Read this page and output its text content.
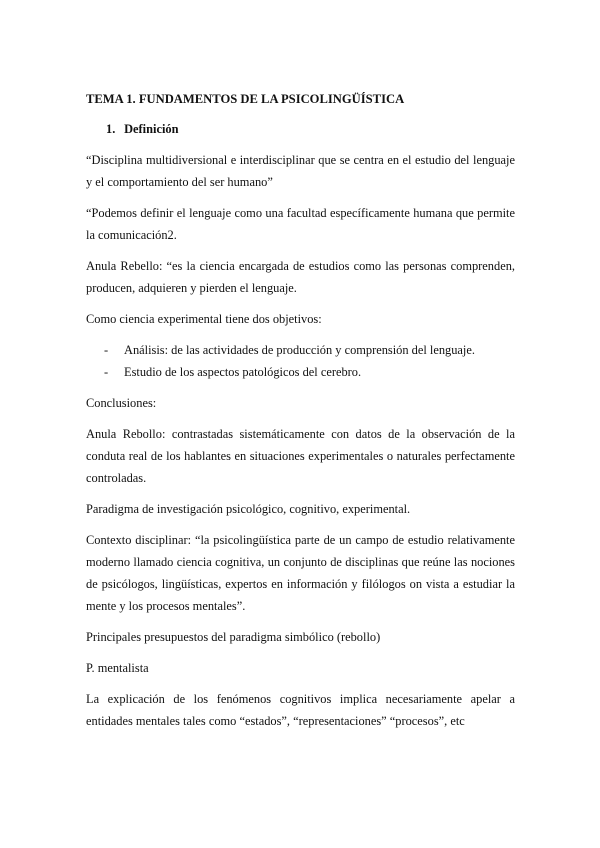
TEMA 1. FUNDAMENTOS DE LA PSICOLINGÜÍSTICA
1. Definición

“Disciplina multidiversional e interdisciplinar que se centra en el estudio del lenguaje y el comportamiento del ser humano”

“Podemos definir el lenguaje como una facultad específicamente humana que permite la comunicación2.

Anula Rebello: “es la ciencia encargada de estudios como las personas comprenden, producen, adquieren y pierden el lenguaje.

Como ciencia experimental tiene dos objetivos:

- Análisis: de las actividades de producción y comprensión del lenguaje.
- Estudio de los aspectos patológicos del cerebro.

Conclusiones:

Anula Rebollo: contrastadas sistemáticamente con datos de la observación de la conduta real de los hablantes en situaciones experimentales o naturales perfectamente controladas.

Paradigma de investigación psicológico, cognitivo, experimental.

Contexto disciplinar: “la psicolingüística parte de un campo de estudio relativamente moderno llamado ciencia cognitiva, un conjunto de disciplinas que reúne las nociones de psicólogos, lingüísticas, expertos en información y filólogos on vista a estudiar la mente y los procesos mentales”.

Principales presupuestos del paradigma simbólico (rebollo)

P. mentalista

La explicación de los fenómenos cognitivos implica necesariamente apelar a entidades mentales tales como “estados”, “representaciones” “procesos”, etc
